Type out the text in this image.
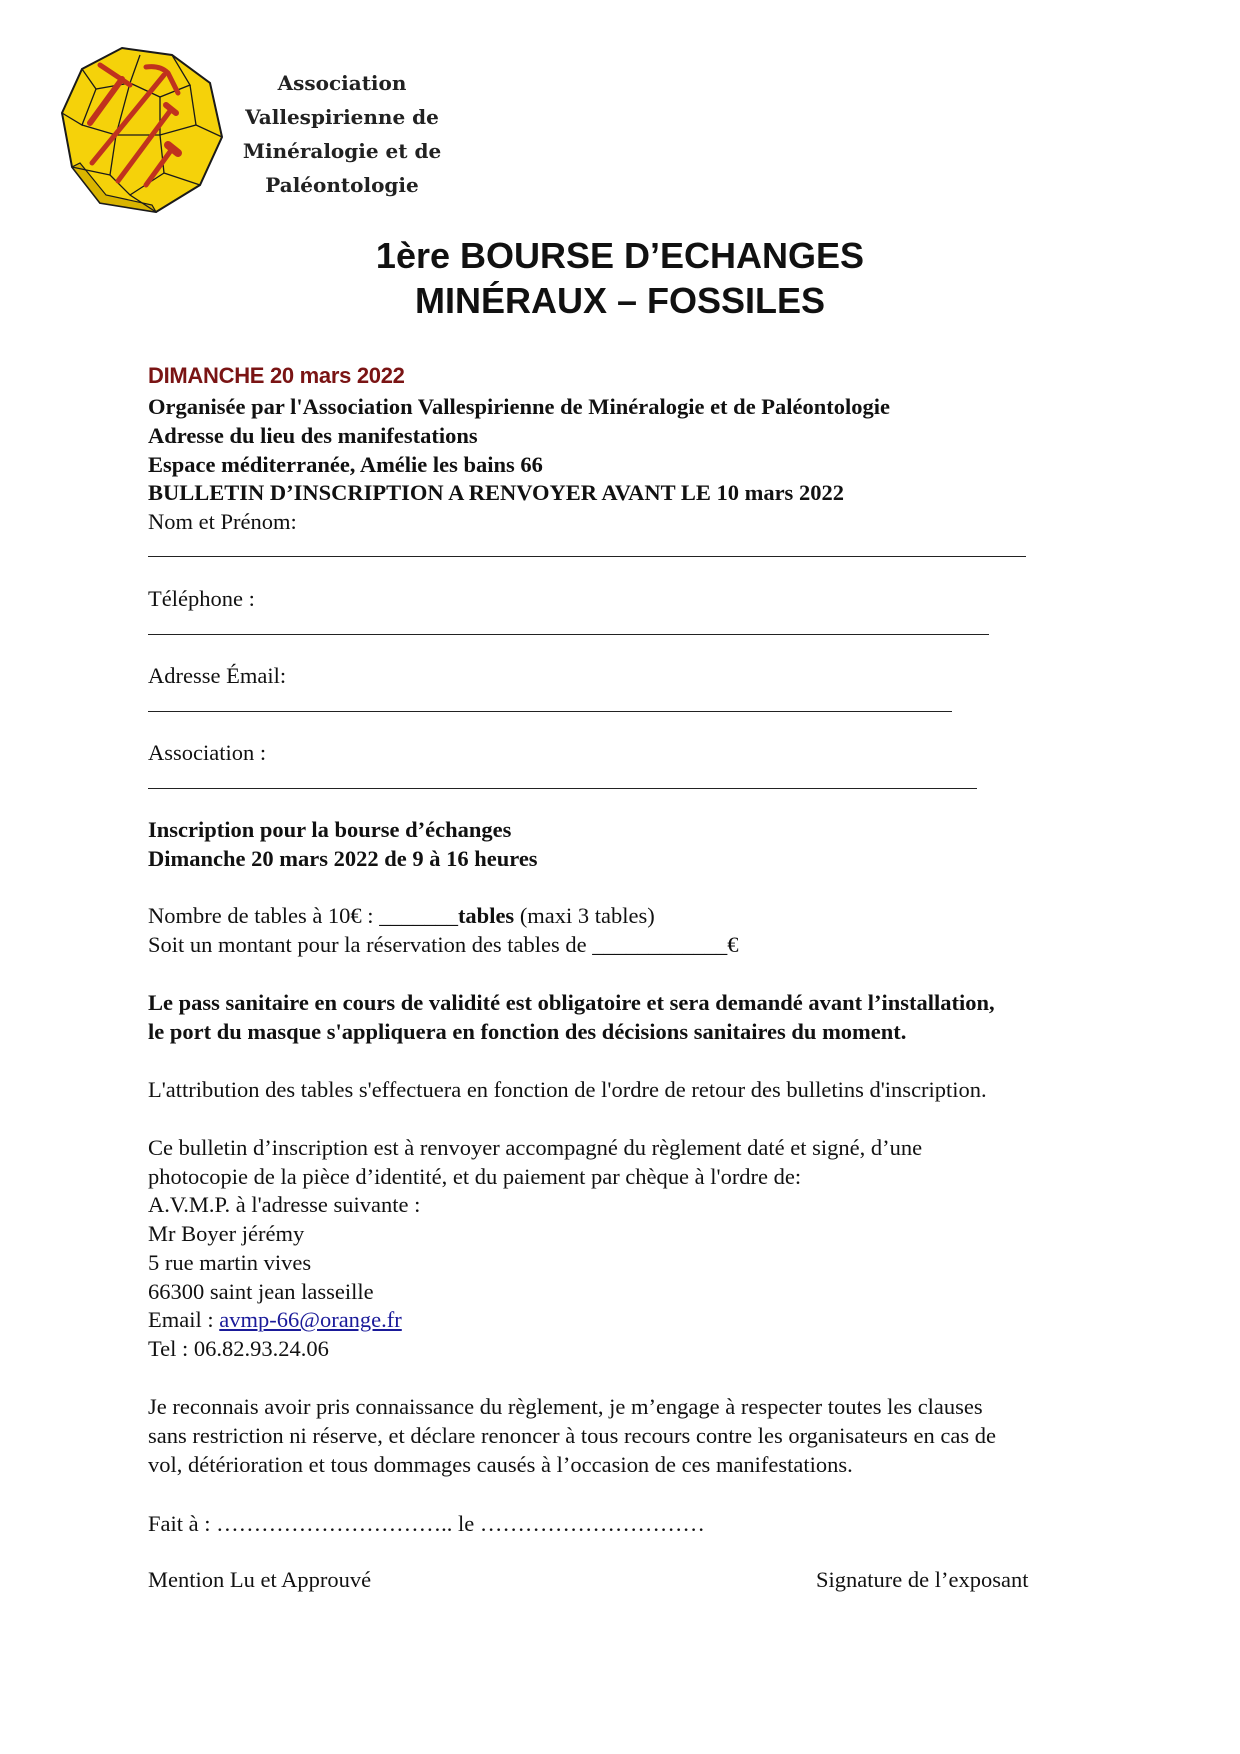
Association
Vallespirienne de
Minéralogie et de
Paléontologie
1ère BOURSE D’ECHANGES
MINÉRAUX – FOSSILES
DIMANCHE 20 mars 2022
Organisée par l'Association Vallespirienne de Minéralogie et de Paléontologie
Adresse du lieu des manifestations
Espace méditerranée, Amélie les bains 66
BULLETIN D’INSCRIPTION A RENVOYER AVANT LE 10 mars 2022
Nom et Prénom:
Téléphone :
Adresse Émail:
Association :
Inscription pour la bourse d’échanges
Dimanche 20 mars 2022 de 9 à 16 heures
Nombre de tables à 10€ : _______tables (maxi 3 tables)
Soit un montant pour la réservation des tables de ____________€
Le pass sanitaire en cours de validité est obligatoire et sera demandé avant l’installation,
le port du masque s'appliquera en fonction des décisions sanitaires du moment.
L'attribution des tables s'effectuera en fonction de l'ordre de retour des bulletins d'inscription.
Ce bulletin d’inscription est à renvoyer accompagné du règlement daté et signé, d’une
photocopie de la pièce d’identité, et du paiement par chèque à l'ordre de:
A.V.M.P. à l'adresse suivante :
Mr Boyer jérémy
5 rue martin vives
66300 saint jean lasseille
Email : avmp-66@orange.fr
Tel : 06.82.93.24.06
Je reconnais avoir pris connaissance du règlement, je m’engage à respecter toutes les clauses
sans restriction ni réserve, et déclare renoncer à tous recours contre les organisateurs en cas de
vol, détérioration et tous dommages causés à l’occasion de ces manifestations.
Fait à : ………………………….. le …………………………
Mention Lu et Approuvé	Signature de l’exposant
